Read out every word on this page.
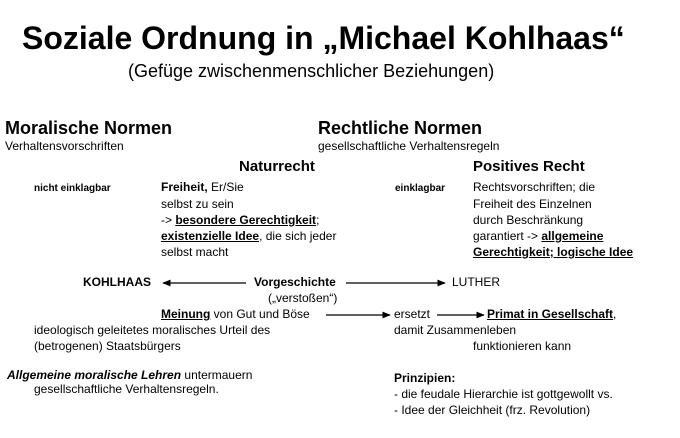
Soziale Ordnung in „Michael Kohlhaas“
(Gefüge zwischenmenschlicher Beziehungen)
Moralische Normen
Verhaltensvorschriften
Rechtliche Normen
gesellschaftliche Verhaltensregeln
Naturrecht
nicht einklagbar	Freiheit, Er/Sie
selbst zu sein
-> besondere Gerechtigkeit;
existenzielle Idee, die sich jeder
selbst macht
Positives Recht
einklagbar Rechtsvorschriften; die
Freiheit des Einzelnen
durch Beschränkung
garantiert -> allgemeine
Gerechtigkeit; logische Idee
KOHLHAAS	Vorgeschichte
(„verstoßen“)
LUTHER
Meinung von Gut und Böse	ersetzt	Primat in Gesellschaft,
ideologisch geleitetes moralisches Urteil des
(betrogenen) Staatsbürgers
damit Zusammenleben
funktionieren kann
Allgemeine moralische Lehren untermauern
gesellschaftliche Verhaltensregeln.
Prinzipien:
- die feudale Hierarchie ist gottgewollt vs.
- Idee der Gleichheit (frz. Revolution)
